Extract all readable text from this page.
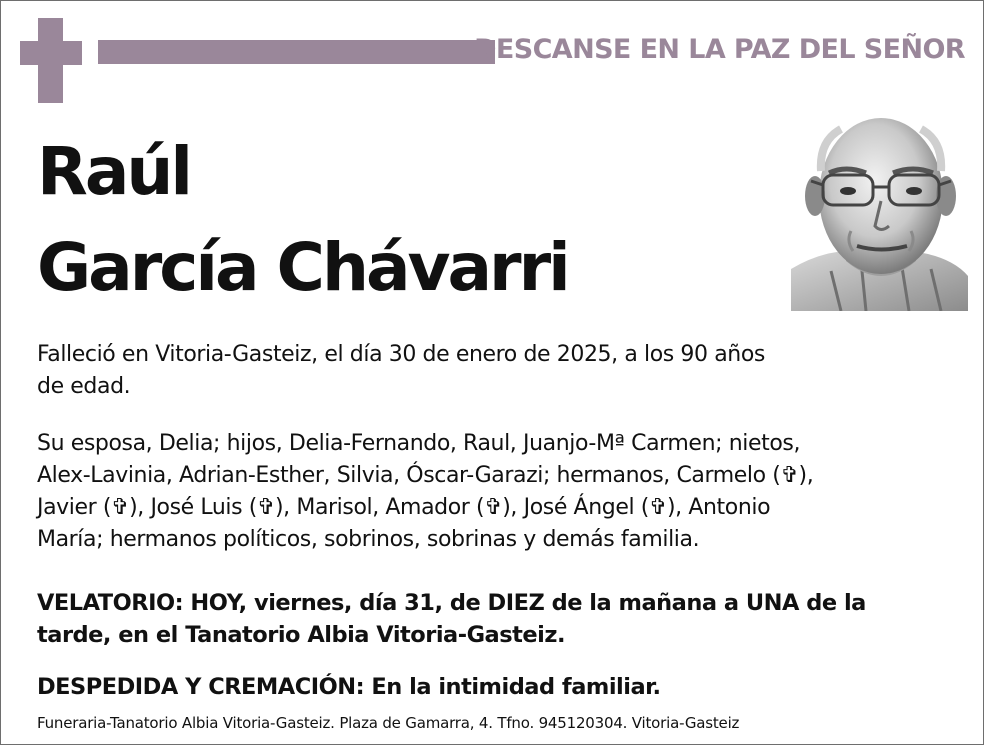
DESCANSE EN LA PAZ DEL SEÑOR
Raúl
García Chávarri
Falleció en Vitoria-Gasteiz, el día 30 de enero de 2025, a los 90 años
de edad.
Su esposa, Delia; hijos, Delia-Fernando, Raul, Juanjo-Mª Carmen; nietos,
Alex-Lavinia, Adrian-Esther, Silvia, Óscar-Garazi; hermanos, Carmelo (✞),
Javier (✞), José Luis (✞), Marisol, Amador (✞), José Ángel (✞), Antonio
María; hermanos políticos, sobrinos, sobrinas y demás familia.
VELATORIO: HOY, viernes, día 31, de DIEZ de la mañana a UNA de la
tarde, en el Tanatorio Albia Vitoria-Gasteiz.
DESPEDIDA Y CREMACIÓN: En la intimidad familiar.
Funeraria-Tanatorio Albia Vitoria-Gasteiz. Plaza de Gamarra, 4. Tfno. 945120304. Vitoria-Gasteiz
